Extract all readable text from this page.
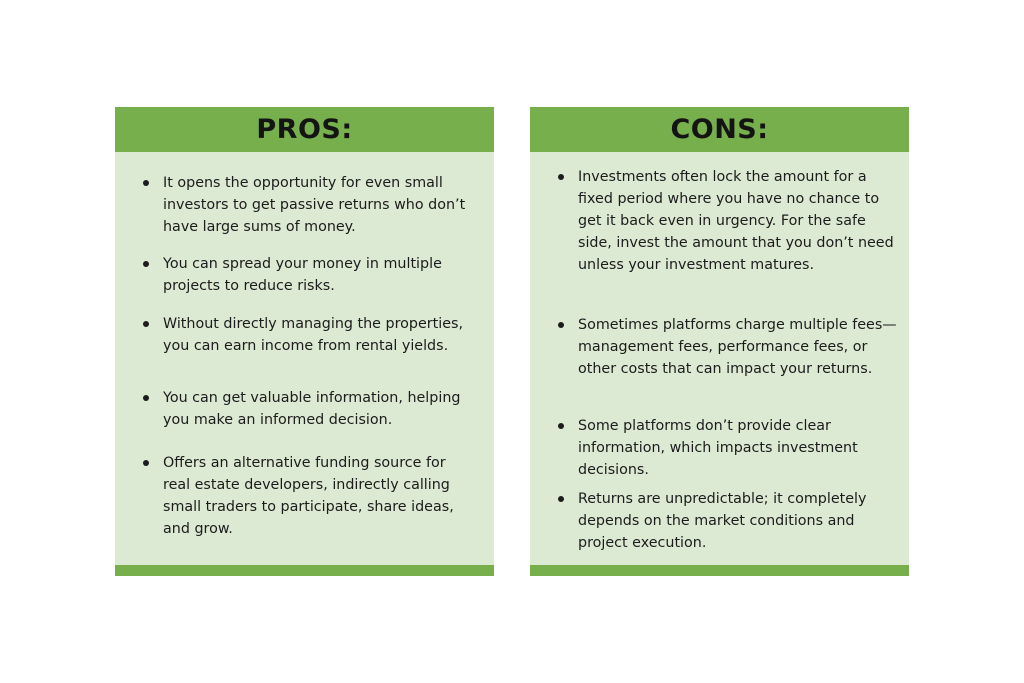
PROS:
It opens the opportunity for even small investors to get passive returns who don’t have large sums of money.
You can spread your money in multiple projects to reduce risks.
Without directly managing the properties, you can earn income from rental yields.
You can get valuable information, helping you make an informed decision.
Offers an alternative funding source for real estate developers, indirectly calling small traders to participate, share ideas, and grow.
CONS:
Investments often lock the amount for a fixed period where you have no chance to get it back even in urgency. For the safe side, invest the amount that you don’t need unless your investment matures.
Sometimes platforms charge multiple fees—management fees, performance fees, or other costs that can impact your returns.
Some platforms don’t provide clear information, which impacts investment decisions.
Returns are unpredictable; it completely depends on the market conditions and project execution.
